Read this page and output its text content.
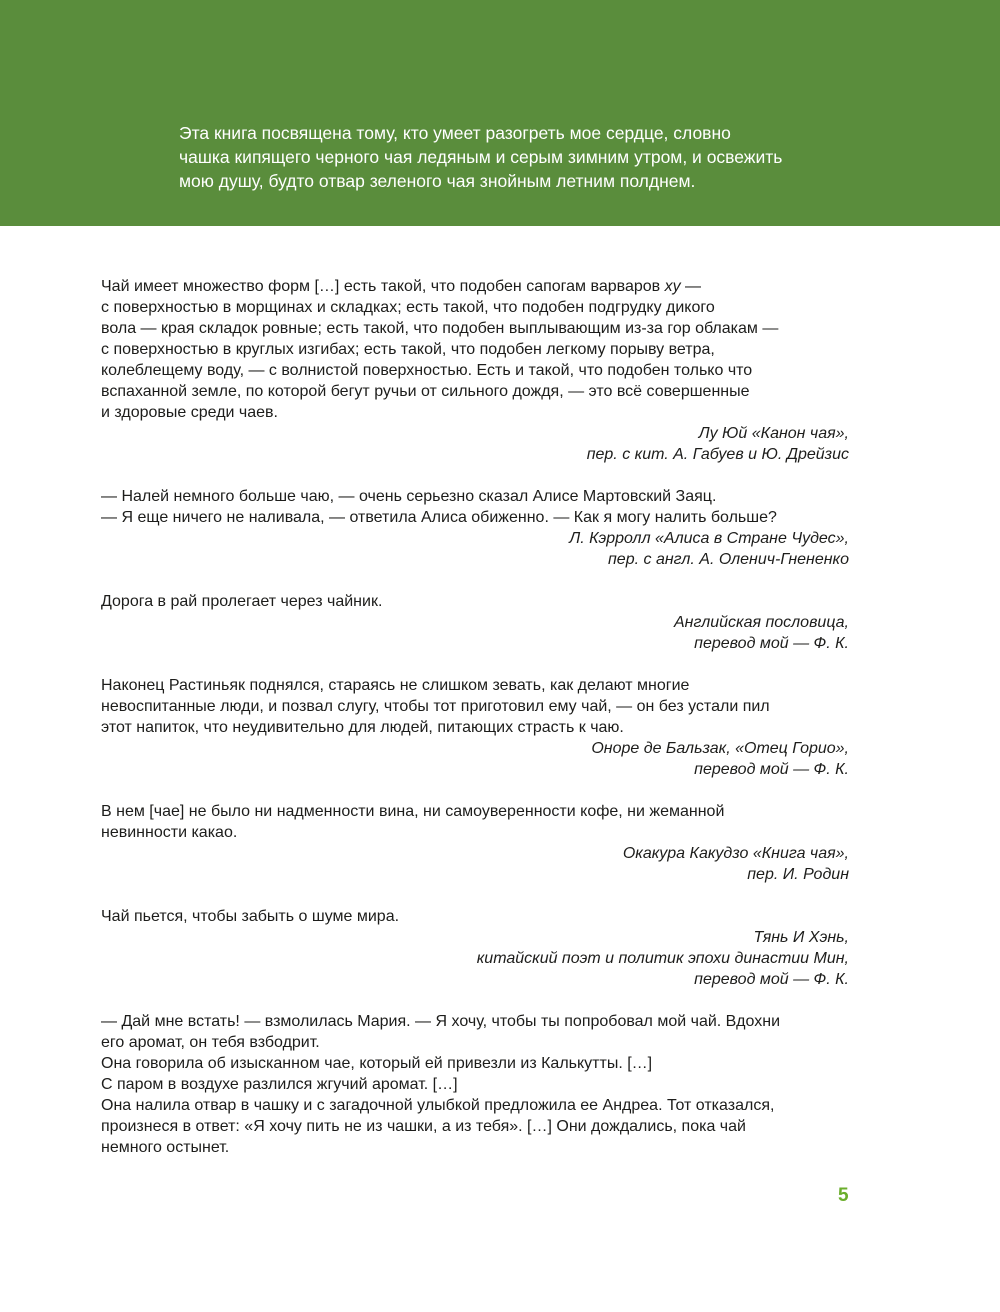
Эта книга посвящена тому, кто умеет разогреть мое сердце, словно
чашка кипящего черного чая ледяным и серым зимним утром, и освежить
мою душу, будто отвар зеленого чая знойным летним полднем.

Чай имеет множество форм […] есть такой, что подобен сапогам варваров ху —
с поверхностью в морщинах и складках; есть такой, что подобен подгрудку дикого
вола — края складок ровные; есть такой, что подобен выплывающим из-за гор облакам —
с поверхностью в круглых изгибах; есть такой, что подобен легкому порыву ветра,
колеблещему воду, — с волнистой поверхностью. Есть и такой, что подобен только что
вспаханной земле, по которой бегут ручьи от сильного дождя, — это всё совершенные
и здоровые среди чаев.
Лу Юй «Канон чая»,
пер. с кит. А. Габуев и Ю. Дрейзис
— Налей немного больше чаю, — очень серьезно сказал Алисе Мартовский Заяц.
— Я еще ничего не наливала, — ответила Алиса обиженно. — Как я могу налить больше?
Л. Кэрролл «Алиса в Стране Чудес»,
пер. с англ. А. Оленич-Гнененко
Дорога в рай пролегает через чайник.
Английская пословица,
перевод мой — Ф. К.
Наконец Растиньяк поднялся, стараясь не слишком зевать, как делают многие
невоспитанные люди, и позвал слугу, чтобы тот приготовил ему чай, — он без устали пил
этот напиток, что неудивительно для людей, питающих страсть к чаю.
Оноре де Бальзак, «Отец Горио»,
перевод мой — Ф. К.
В нем [чае] не было ни надменности вина, ни самоуверенности кофе, ни жеманной
невинности какао.
Окакура Какудзо «Книга чая»,
пер. И. Родин
Чай пьется, чтобы забыть о шуме мира.
Тянь И Хэнь,
китайский поэт и политик эпохи династии Мин,
перевод мой — Ф. К.
— Дай мне встать! — взмолилась Мария. — Я хочу, чтобы ты попробовал мой чай. Вдохни
его аромат, он тебя взбодрит.
Она говорила об изысканном чае, который ей привезли из Калькутты. […]
С паром в воздухе разлился жгучий аромат. […]
Она налила отвар в чашку и с загадочной улыбкой предложила ее Андреа. Тот отказался,
произнеся в ответ: «Я хочу пить не из чашки, а из тебя». […] Они дождались, пока чай
немного остынет.
5
